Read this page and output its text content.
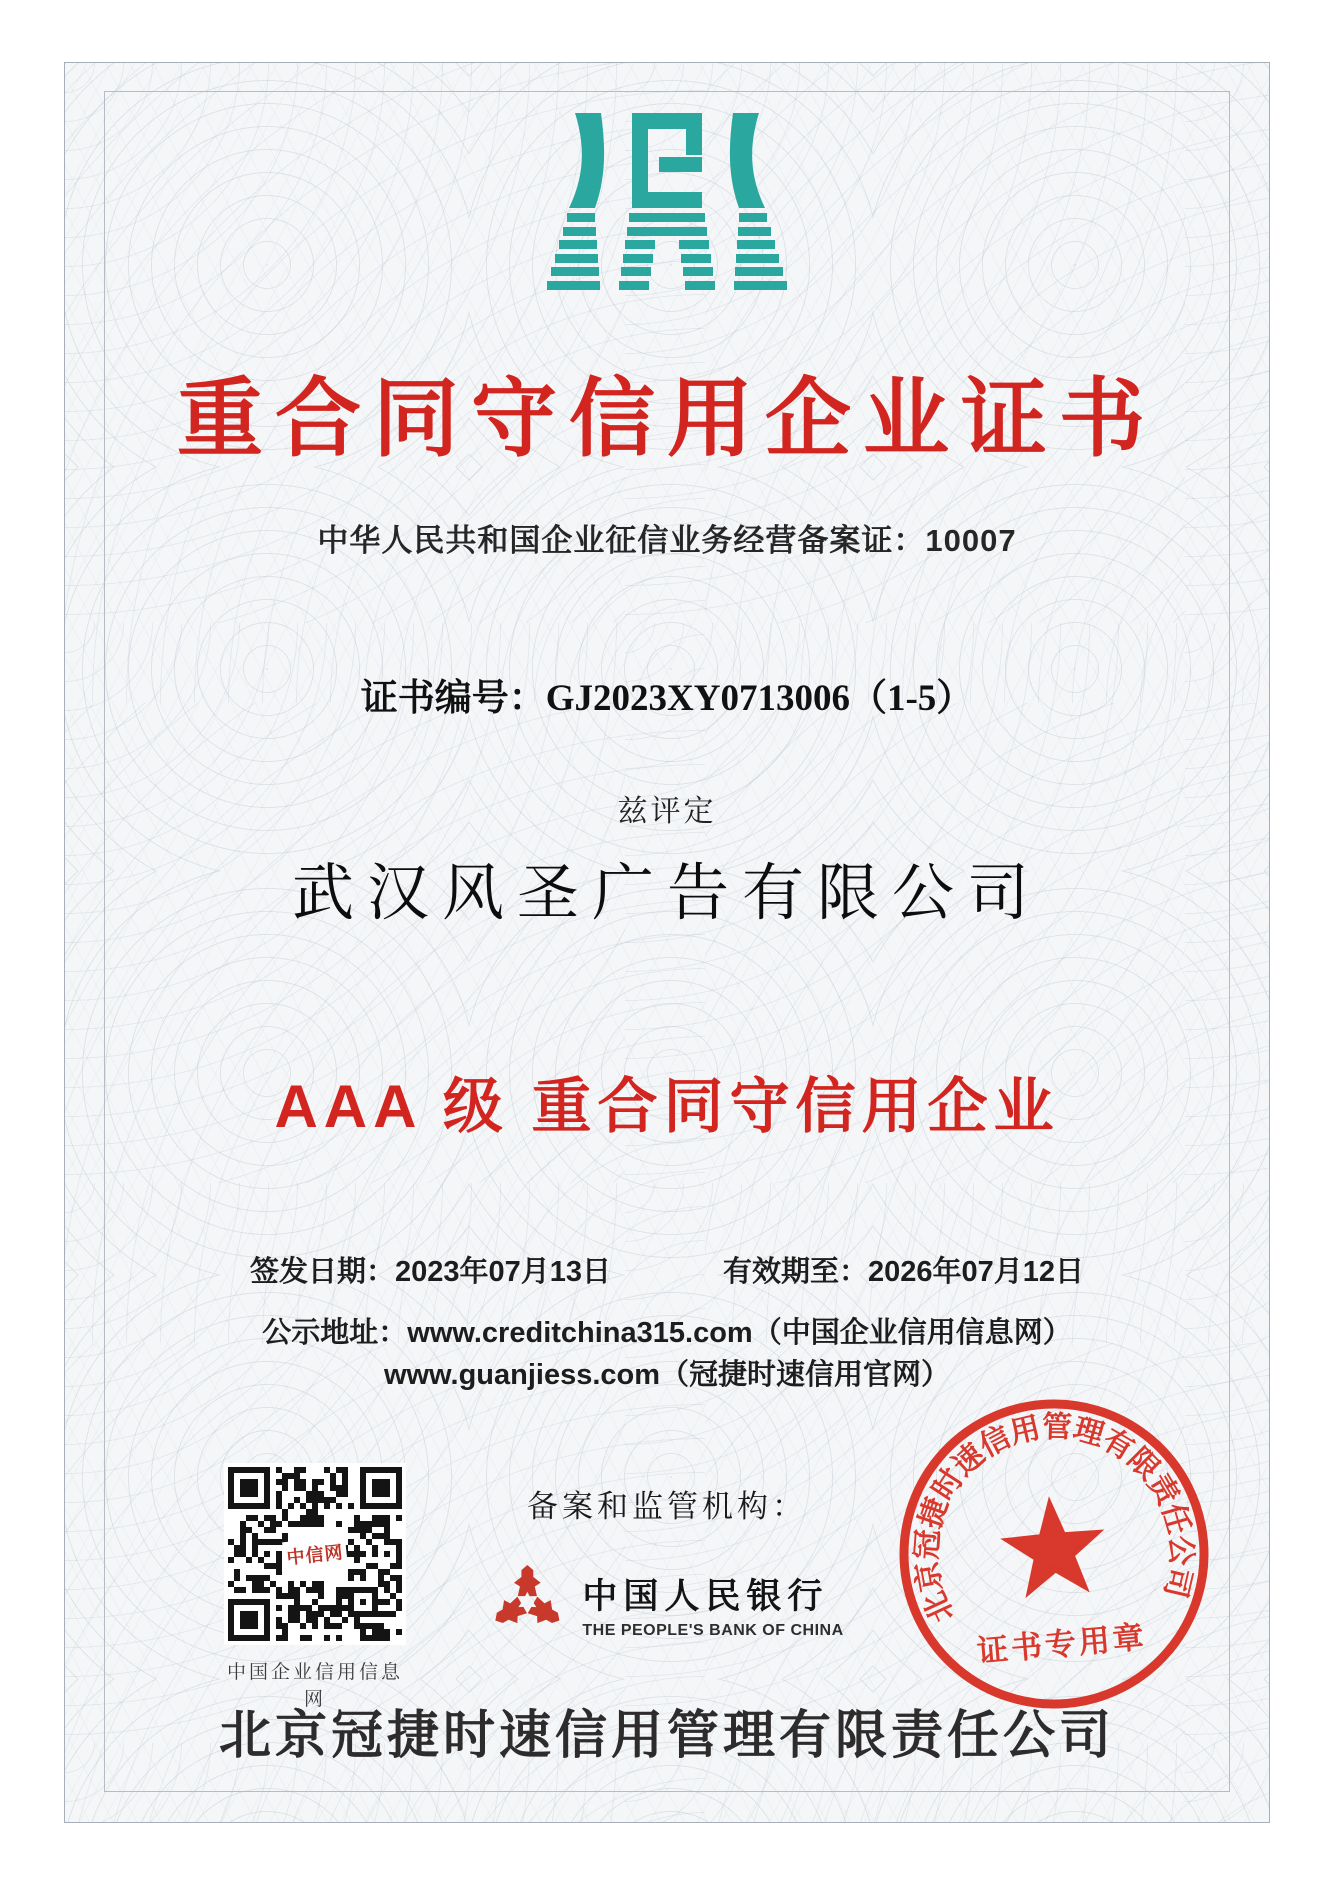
重合同守信用企业证书
中华人民共和国企业征信业务经营备案证：10007
证书编号：GJ2023XY0713006（1-5）
兹评定
武汉风圣广告有限公司
AAA 级 重合同守信用企业
签发日期：2023年07月13日	有效期至：2026年07月12日
公示地址：www.creditchina315.com（中国企业信用信息网）
www.guanjiess.com（冠捷时速信用官网）
中信网
中国企业信用信息网
备案和监管机构：
中国人民银行
THE PEOPLE'S BANK OF CHINA
北京冠捷时速信用管理有限责任公司
证书专用章
北京冠捷时速信用管理有限责任公司
